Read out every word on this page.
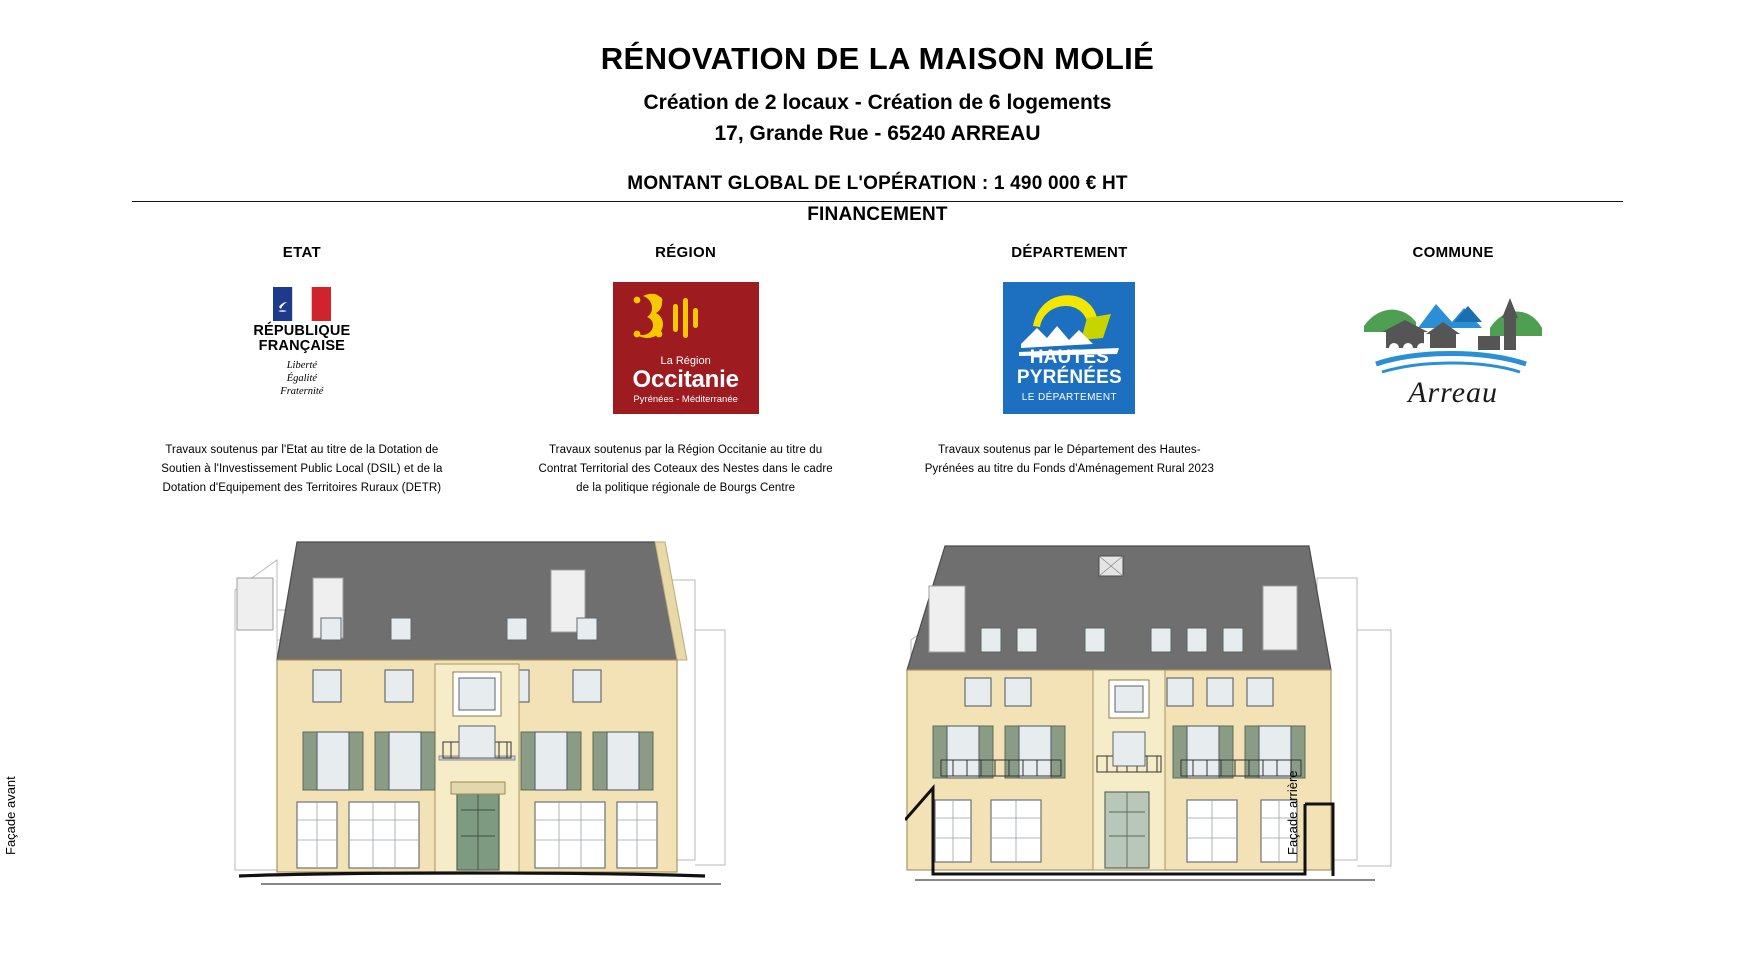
RÉNOVATION DE LA MAISON MOLIÉ
Création de 2 locaux - Création de 6 logements
17, Grande Rue - 65240 ARREAU
MONTANT GLOBAL DE L'OPÉRATION : 1 490 000 € HT
FINANCEMENT
ETAT
RÉPUBLIQUE
FRANÇAISE
Liberté
Égalité
Fraternité
Travaux soutenus par l'Etat au titre de la Dotation de Soutien à l'Investissement Public Local (DSIL) et de la Dotation d'Equipement des Territoires Ruraux (DETR)
RÉGION
La Région
Occitanie
Pyrénées - Méditerranée
Travaux soutenus par la Région Occitanie au titre du Contrat Territorial des Coteaux des Nestes dans le cadre de la politique régionale de Bourgs Centre
DÉPARTEMENT
HAUTES
PYRÉNÉES
LE DÉPARTEMENT
Travaux soutenus par le Département des Hautes-Pyrénées au titre du Fonds d'Aménagement Rural 2023
COMMUNE
Arreau
Façade avant	Façade arrière
